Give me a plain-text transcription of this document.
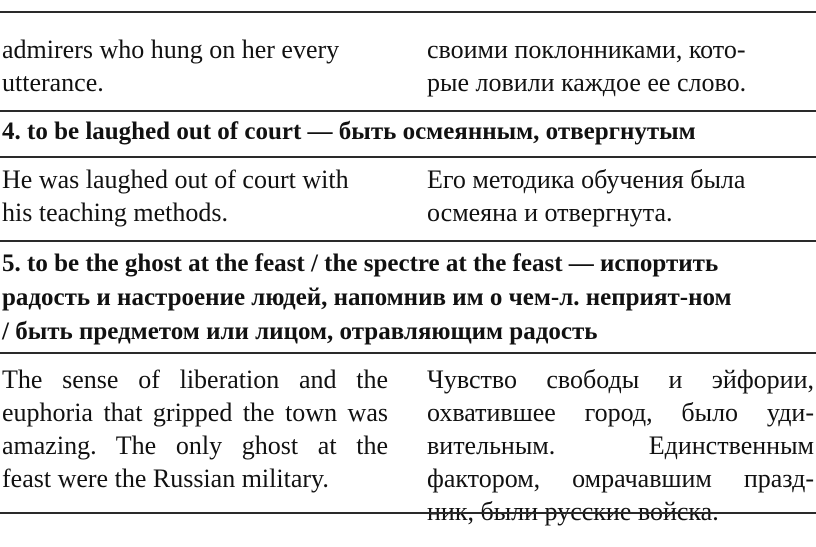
admirers who hung on her every
utterance.
своими поклонниками, кото-
рые ловили каждое ее слово.
4. to be laughed out of court — быть осмеянным, отвергнутым
He was laughed out of court with
his teaching methods.
Его методика обучения была
осмеяна и отвергнута.
5. to be the ghost at the feast / the spectre at the feast — испортить
радость и настроение людей, напомнив им о чем-л. неприят-ном
/ быть предметом или лицом, отравляющим радость
The sense of liberation and the
euphoria that gripped the town was
amazing. The only ghost at the
feast were the Russian military.
Чувство свободы и эйфории,
охватившее город, было уди-
вительным. Единственным
фактором, омрачавшим празд-
ник, были русские войска.
